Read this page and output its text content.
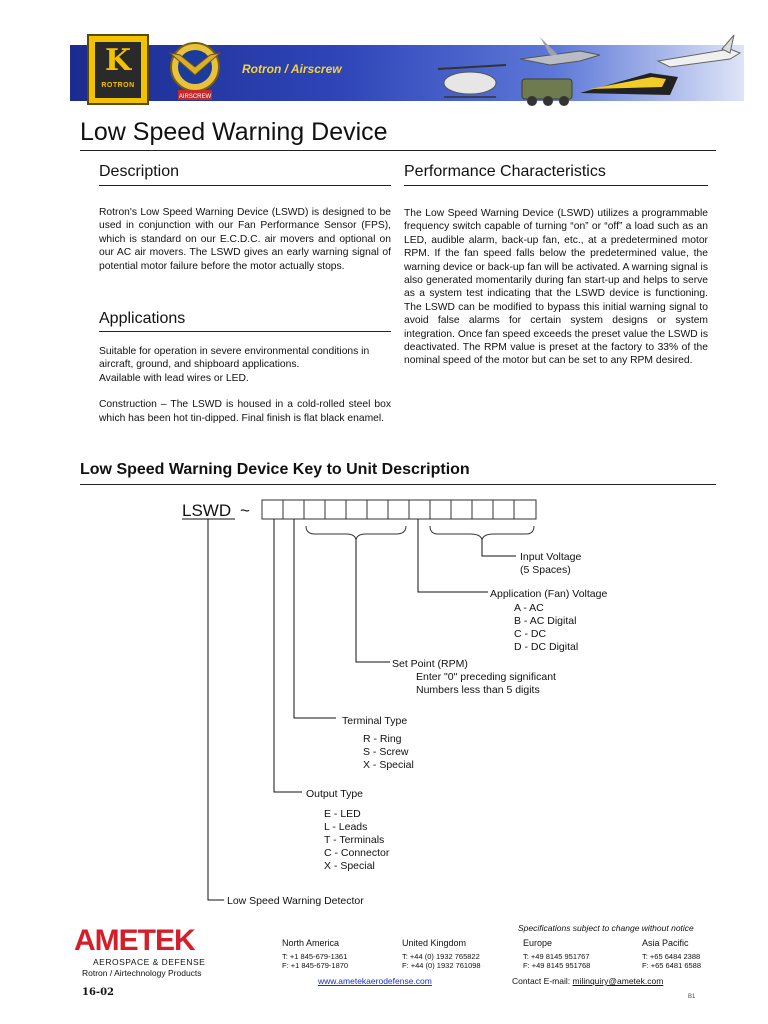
K
ROTRON
AIRSCREW
Rotron / Airscrew
Low Speed Warning Device
Description
Rotron's Low Speed Warning Device (LSWD) is designed to be used in conjunction with our Fan Performance Sensor (FPS), which is standard on our E.C.D.C. air movers and optional on our AC air movers. The LSWD gives an early warning signal of potential motor failure before the motor actually stops.
Applications
Suitable for operation in severe environmental conditions in aircraft, ground, and shipboard applications.
Available with lead wires or LED.
Construction – The LSWD is housed in a cold-rolled steel box which has been hot tin-dipped. Final finish is flat black enamel.
Performance Characteristics
The Low Speed Warning Device (LSWD) utilizes a programmable frequency switch capable of turning “on” or “off” a load such as an LED, audible alarm, back-up fan, etc., at a predetermined motor RPM. If the fan speed falls below the predetermined value, the warning device or back-up fan will be activated. A warning signal is also generated momentarily during fan start-up and helps to serve as a system test indicating that the LSWD device is functioning. The LSWD can be modified to bypass this initial warning signal to avoid false alarms for certain system designs or system integration. Once fan speed exceeds the preset value the LSWD is deactivated. The RPM value is preset at the factory to 33% of the nominal speed of the motor but can be set to any RPM desired.
Low Speed Warning Device Key to Unit Description
LSWD ~
Input Voltage
(5 Spaces)
Application (Fan) Voltage
A - AC
B - AC Digital
C - DC
D - DC Digital
Set Point (RPM)
Enter "0" preceding significant
Numbers less than 5 digits
Terminal Type
R - Ring
S - Screw
X - Special
Output Type
E - LED
L - Leads
T - Terminals
C - Connector
X - Special
Low Speed Warning Detector
AMETEK
AEROSPACE & DEFENSE
Rotron / Airtechnology Products
16-02
Specifications subject to change without notice
North America
T: +1 845-679-1361
F: +1 845-679-1870
United Kingdom
T: +44 (0) 1932 765822
F: +44 (0) 1932 761098
Europe
T: +49 8145 951767
F: +49 8145 951768
Asia Pacific
T: +65 6484 2388
F: +65 6481 6588
www.ametekaerodefense.com	Contact E-mail: milinquiry@ametek.com
B1
